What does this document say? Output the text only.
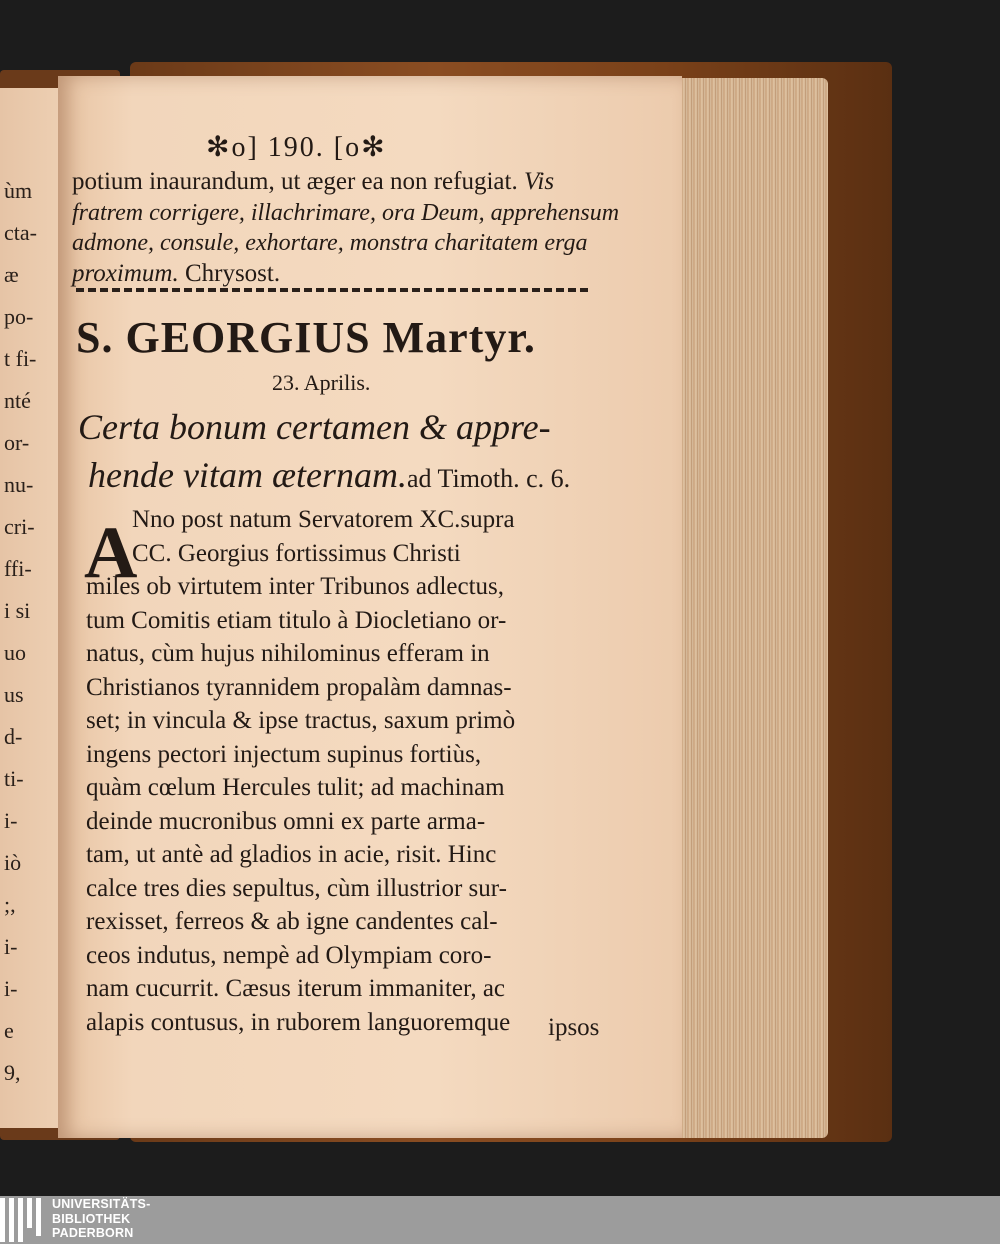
ùm
cta-
æ
po-
t fi-
nté
or-
nu-
cri-
ffi-
i si
uo
us
d-
ti-
i-
iò
;,
i-
i-
e
9,
✻o] 190. [o✻
potium inaurandum, ut æger ea non refugiat. Vis
fratrem corrigere, illachrimare, ora Deum, apprehensum
admone, consule, exhortare, monstra charitatem erga
proximum. Chrysost.
S. GEORGIUS Martyr.
23. Aprilis.
Certa bonum certamen & appre-
hende vitam æternam.ad Timoth. c. 6.
A
Nno post natum Servatorem XC.supra
CC. Georgius fortissimus Christi
miles ob virtutem inter Tribunos adlectus,
tum Comitis etiam titulo à Diocletiano or-
natus, cùm hujus nihilominus efferam in
Christianos tyrannidem propalàm damnas-
set; in vincula & ipse tractus, saxum primò
ingens pectori injectum supinus fortiùs,
quàm cœlum Hercules tulit; ad machinam
deinde mucronibus omni ex parte arma-
tam, ut antè ad gladios in acie, risit. Hinc
calce tres dies sepultus, cùm illustrior sur-
rexisset, ferreos & ab igne candentes cal-
ceos indutus, nempè ad Olympiam coro-
nam cucurrit. Cæsus iterum immaniter, ac
alapis contusus, in ruborem languoremque ipsos
UNIVERSITÄTS-
BIBLIOTHEK
PADERBORN
